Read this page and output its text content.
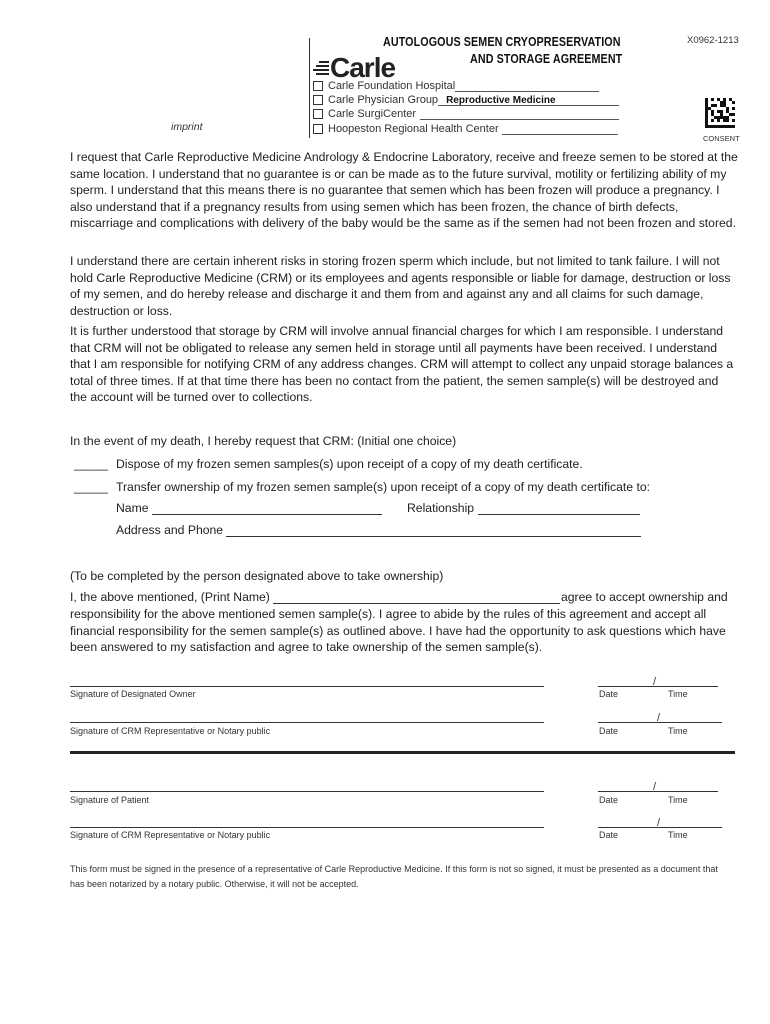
AUTOLOGOUS SEMEN CRYOPRESERVATION
AND STORAGE AGREEMENT
X0962-1213
Carle
Carle Foundation Hospital
Carle Physician Group Reproductive Medicine
Carle SurgiCenter
Hoopeston Regional Health Center
imprint
CONSENT
I request that Carle Reproductive Medicine Andrology & Endocrine Laboratory, receive and freeze semen to be stored at the same location. I understand that no guarantee is or can be made as to the future survival, motility or fertilizing ability of my sperm. I understand that this means there is no guarantee that semen which has been frozen will produce a pregnancy. I also understand that if a pregnancy results from using semen which has been frozen, the chance of birth defects, miscarriage and complications with delivery of the baby would be the same as if the semen had not been frozen and stored.
I understand there are certain inherent risks in storing frozen sperm which include, but not limited to tank failure. I will not hold Carle Reproductive Medicine (CRM) or its employees and agents responsible or liable for damage, destruction or loss of my semen, and do hereby release and discharge it and them from and against any and all claims for such damage, destruction or loss.
It is further understood that storage by CRM will involve annual financial charges for which I am responsible. I understand that CRM will not be obligated to release any semen held in storage until all payments have been received. I understand that I am responsible for notifying CRM of any address changes. CRM will attempt to collect any unpaid storage balances a total of three times. If at that time there has been no contact from the patient, the semen sample(s) will be destroyed and the account will be turned over to collections.
In the event of my death, I hereby request that CRM: (Initial one choice)
_____ Dispose of my frozen semen samples(s) upon receipt of a copy of my death certificate.
_____ Transfer ownership of my frozen semen sample(s) upon receipt of a copy of my death certificate to:
Name	Relationship
Address and Phone
(To be completed by the person designated above to take ownership)
I, the above mentioned, (Print Name)	agree to accept ownership and
responsibility for the above mentioned semen sample(s). I agree to abide by the rules of this agreement and accept all financial responsibility for the semen sample(s) as outlined above. I have had the opportunity to ask questions which have been answered to my satisfaction and agree to take ownership of the semen sample(s).
Signature of Designated Owner
/
Date	Time
Signature of CRM Representative or Notary public
/
Date	Time
Signature of Patient
/
Date	Time
Signature of CRM Representative or Notary public
/
Date	Time
This form must be signed in the presence of a representative of Carle Reproductive Medicine. If this form is not so signed, it must be presented as a document that has been notarized by a notary public. Otherwise, it will not be accepted.
